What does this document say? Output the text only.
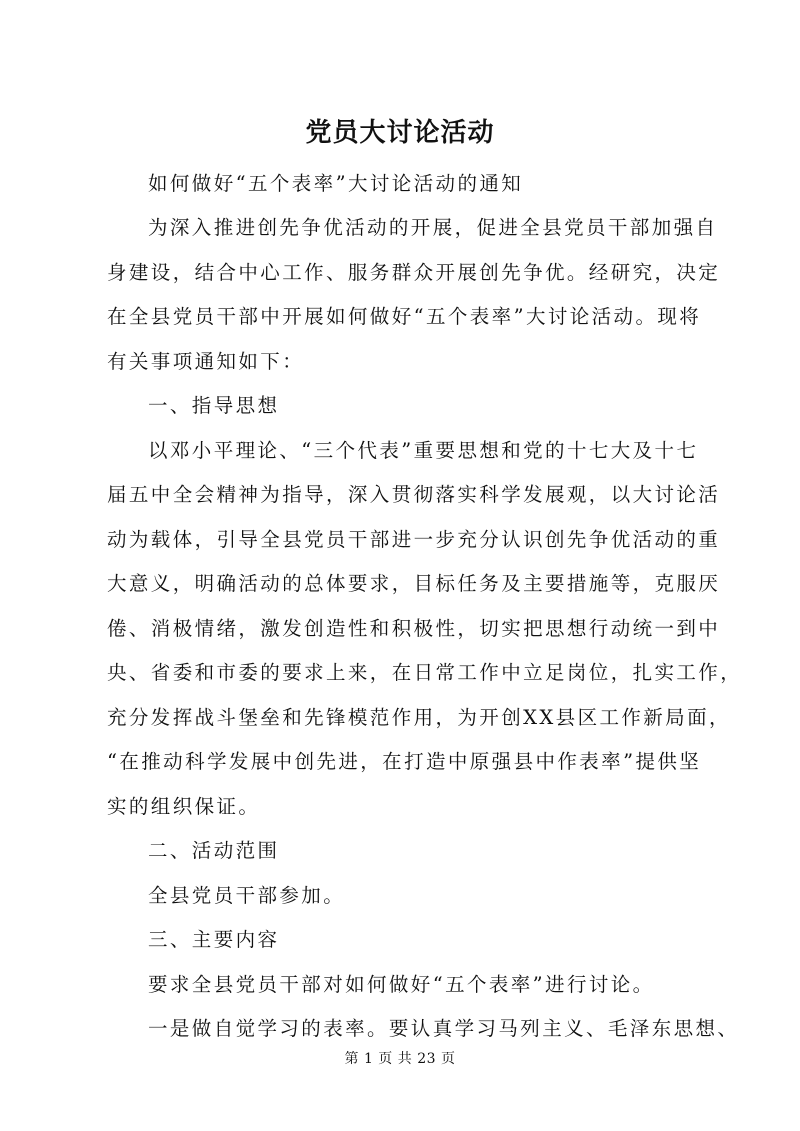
党员大讨论活动

如何做好“五个表率”大讨论活动的通知

为深入推进创先争优活动的开展，促进全县党员干部加强自

身建设，结合中心工作、服务群众开展创先争优。经研究，决定

在全县党员干部中开展如何做好“五个表率”大讨论活动。现将

有关事项通知如下：

一、指导思想

以邓小平理论、“三个代表”重要思想和党的十七大及十七

届五中全会精神为指导，深入贯彻落实科学发展观，以大讨论活

动为载体，引导全县党员干部进一步充分认识创先争优活动的重

大意义，明确活动的总体要求，目标任务及主要措施等，克服厌

倦、消极情绪，激发创造性和积极性，切实把思想行动统一到中

央、省委和市委的要求上来，在日常工作中立足岗位，扎实工作，

充分发挥战斗堡垒和先锋模范作用，为开创XX县区工作新局面，

“在推动科学发展中创先进，在打造中原强县中作表率”提供坚

实的组织保证。

二、活动范围

全县党员干部参加。

三、主要内容

要求全县党员干部对如何做好“五个表率”进行讨论。

一是做自觉学习的表率。要认真学习马列主义、毛泽东思想、

第 1 页 共 23 页
